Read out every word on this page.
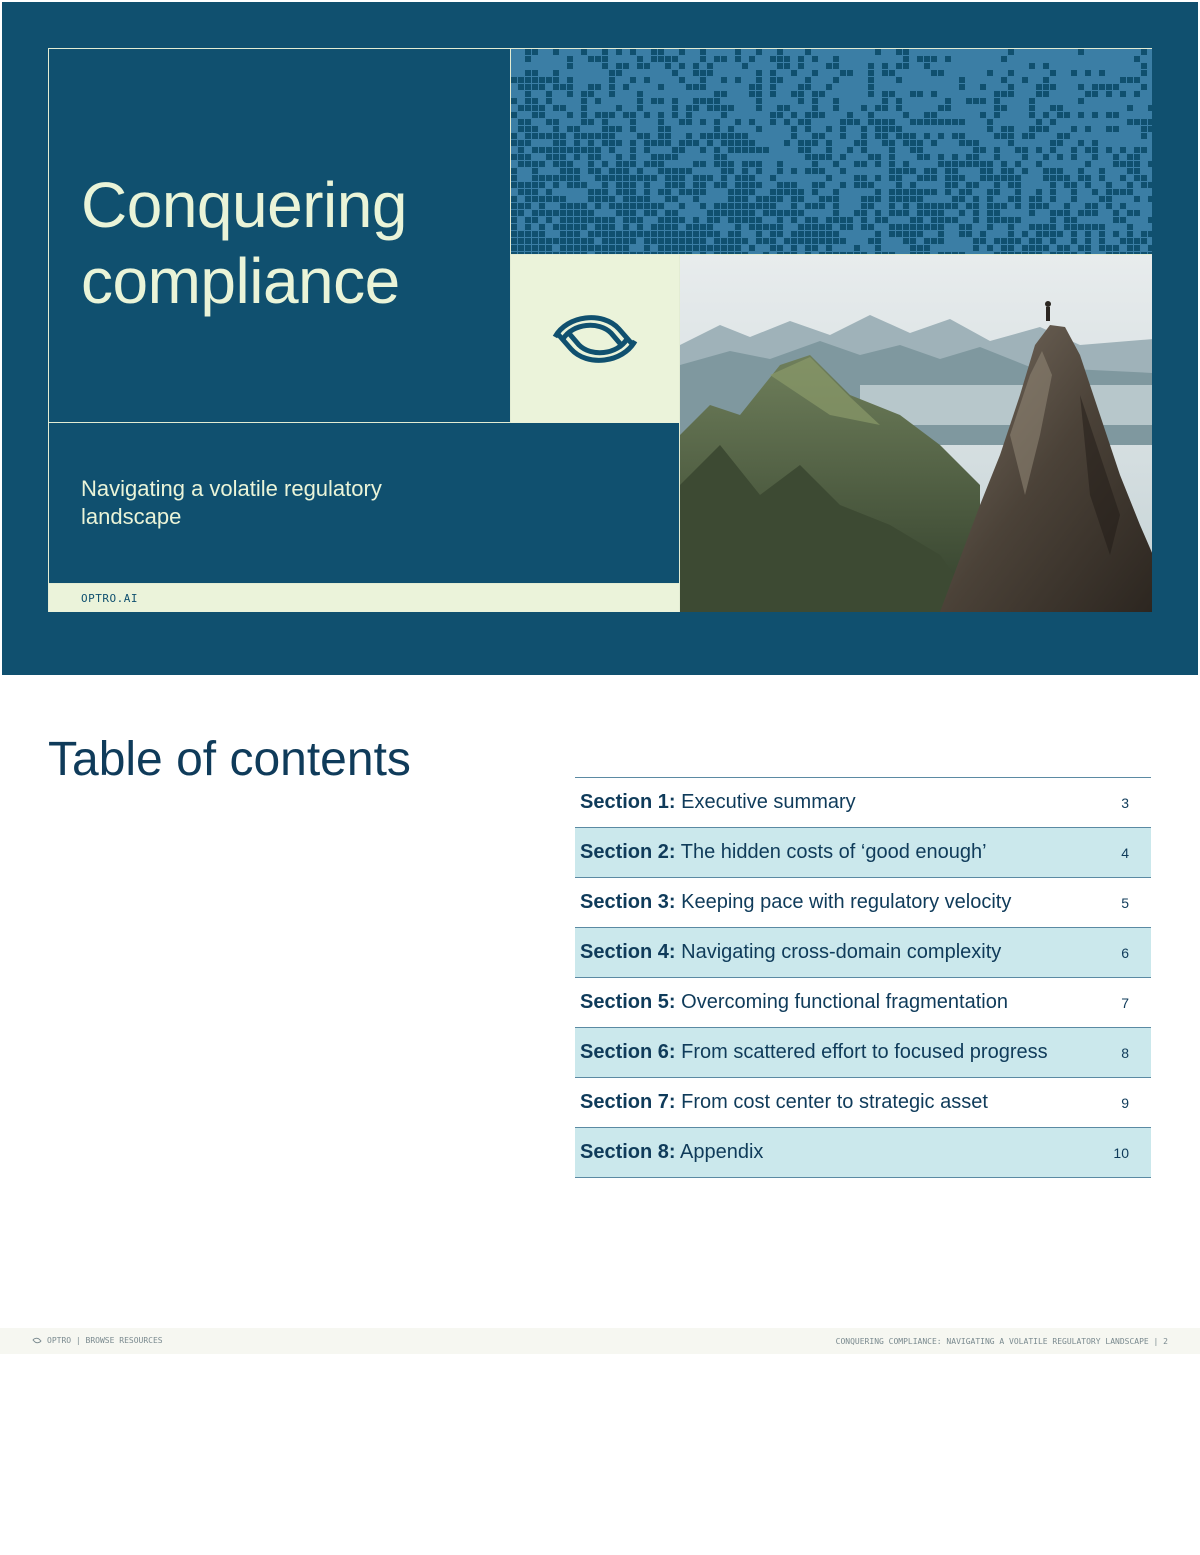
Conquering compliance

Navigating a volatile regulatory landscape

OPTRO.AI
Table of contents
Section 1: Executive summary	3
Section 2: The hidden costs of ‘good enough’	4
Section 3: Keeping pace with regulatory velocity	5
Section 4: Navigating cross-domain complexity	6
Section 5: Overcoming functional fragmentation	7
Section 6: From scattered effort to focused progress	8
Section 7: From cost center to strategic asset	9
Section 8: Appendix	10
OPTRO | BROWSE RESOURCES	CONQUERING COMPLIANCE: NAVIGATING A VOLATILE REGULATORY LANDSCAPE | 2
